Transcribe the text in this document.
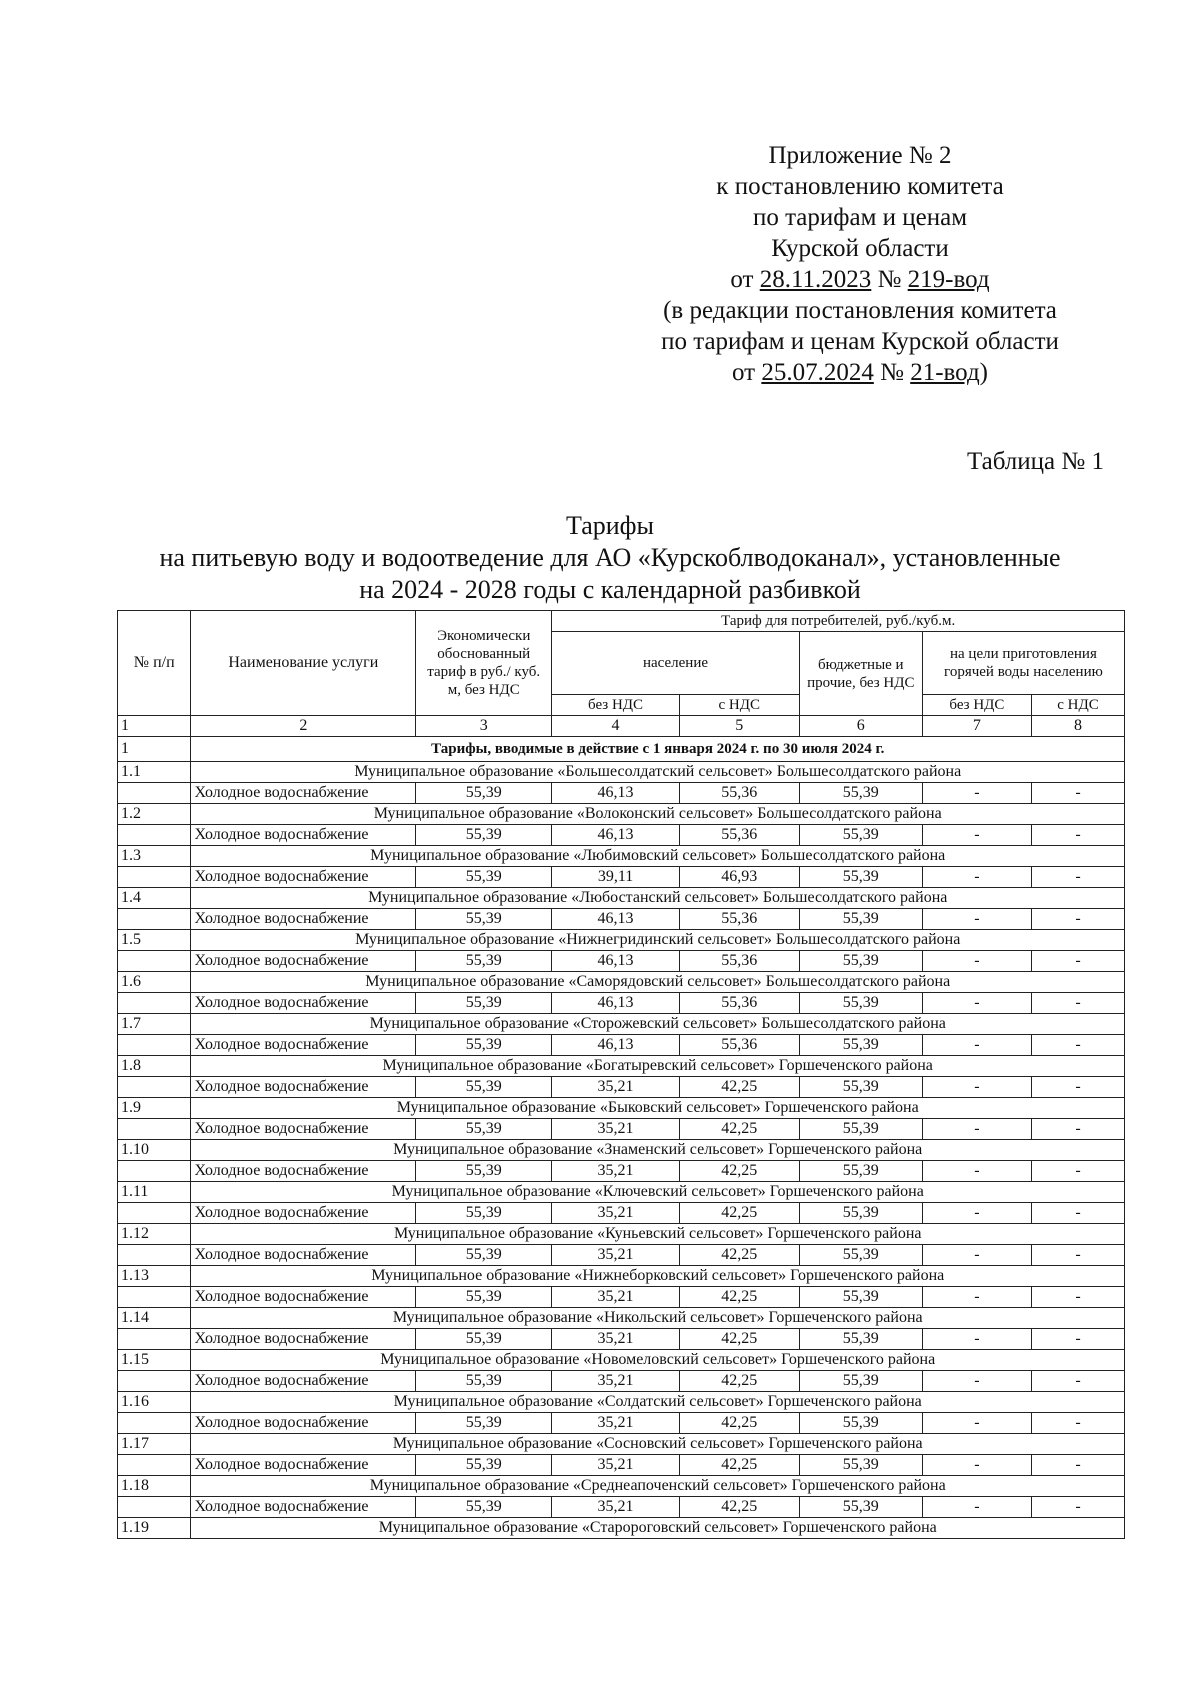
Приложение № 2
к постановлению комитета
по тарифам и ценам
Курской области
от 28.11.2023 № 219-вод
(в редакции постановления комитета
по тарифам и ценам Курской области
от 25.07.2024 № 21-вод)
Таблица № 1
Тарифы
на питьевую воду и водоотведение для АО «Курскоблводоканал», установленные
на 2024 - 2028 годы с календарной разбивкой
№ п/п	Наименование услуги	Экономически обоснованный тариф в руб./ куб. м, без НДС	Тариф для потребителей, руб./куб.м.				
			население		бюджетные и прочие, без НДС	на цели приготовления горячей воды населению	
			без НДС	с НДС		без НДС	с НДС
1	2	3	4	5	6	7	8
1	Тарифы, вводимые в действие с 1 января 2024 г. по 30 июля 2024 г.						
1.1	Муниципальное образование «Большесолдатский сельсовет» Большесолдатского района						
	Холодное водоснабжение	55,39	46,13	55,36	55,39	-	-
1.2	Муниципальное образование «Волоконский сельсовет» Большесолдатского района						
	Холодное водоснабжение	55,39	46,13	55,36	55,39	-	-
1.3	Муниципальное образование «Любимовский сельсовет» Большесолдатского района						
	Холодное водоснабжение	55,39	39,11	46,93	55,39	-	-
1.4	Муниципальное образование «Любостанский сельсовет» Большесолдатского района						
	Холодное водоснабжение	55,39	46,13	55,36	55,39	-	-
1.5	Муниципальное образование «Нижнегридинский сельсовет» Большесолдатского района						
	Холодное водоснабжение	55,39	46,13	55,36	55,39	-	-
1.6	Муниципальное образование «Саморядовский сельсовет» Большесолдатского района						
	Холодное водоснабжение	55,39	46,13	55,36	55,39	-	-
1.7	Муниципальное образование «Сторожевский сельсовет» Большесолдатского района						
	Холодное водоснабжение	55,39	46,13	55,36	55,39	-	-
1.8	Муниципальное образование «Богатыревский сельсовет» Горшеченского района						
	Холодное водоснабжение	55,39	35,21	42,25	55,39	-	-
1.9	Муниципальное образование «Быковский сельсовет» Горшеченского района						
	Холодное водоснабжение	55,39	35,21	42,25	55,39	-	-
1.10	Муниципальное образование «Знаменский сельсовет» Горшеченского района						
	Холодное водоснабжение	55,39	35,21	42,25	55,39	-	-
1.11	Муниципальное образование «Ключевский сельсовет» Горшеченского района						
	Холодное водоснабжение	55,39	35,21	42,25	55,39	-	-
1.12	Муниципальное образование «Куньевский сельсовет» Горшеченского района						
	Холодное водоснабжение	55,39	35,21	42,25	55,39	-	-
1.13	Муниципальное образование «Нижнеборковский сельсовет» Горшеченского района						
	Холодное водоснабжение	55,39	35,21	42,25	55,39	-	-
1.14	Муниципальное образование «Никольский сельсовет» Горшеченского района						
	Холодное водоснабжение	55,39	35,21	42,25	55,39	-	-
1.15	Муниципальное образование «Новомеловский сельсовет» Горшеченского района						
	Холодное водоснабжение	55,39	35,21	42,25	55,39	-	-
1.16	Муниципальное образование «Солдатский сельсовет» Горшеченского района						
	Холодное водоснабжение	55,39	35,21	42,25	55,39	-	-
1.17	Муниципальное образование «Сосновский сельсовет» Горшеченского района						
	Холодное водоснабжение	55,39	35,21	42,25	55,39	-	-
1.18	Муниципальное образование «Среднеапоченский сельсовет» Горшеченского района						
	Холодное водоснабжение	55,39	35,21	42,25	55,39	-	-
1.19	Муниципальное образование «Старороговский сельсовет» Горшеченского района						
